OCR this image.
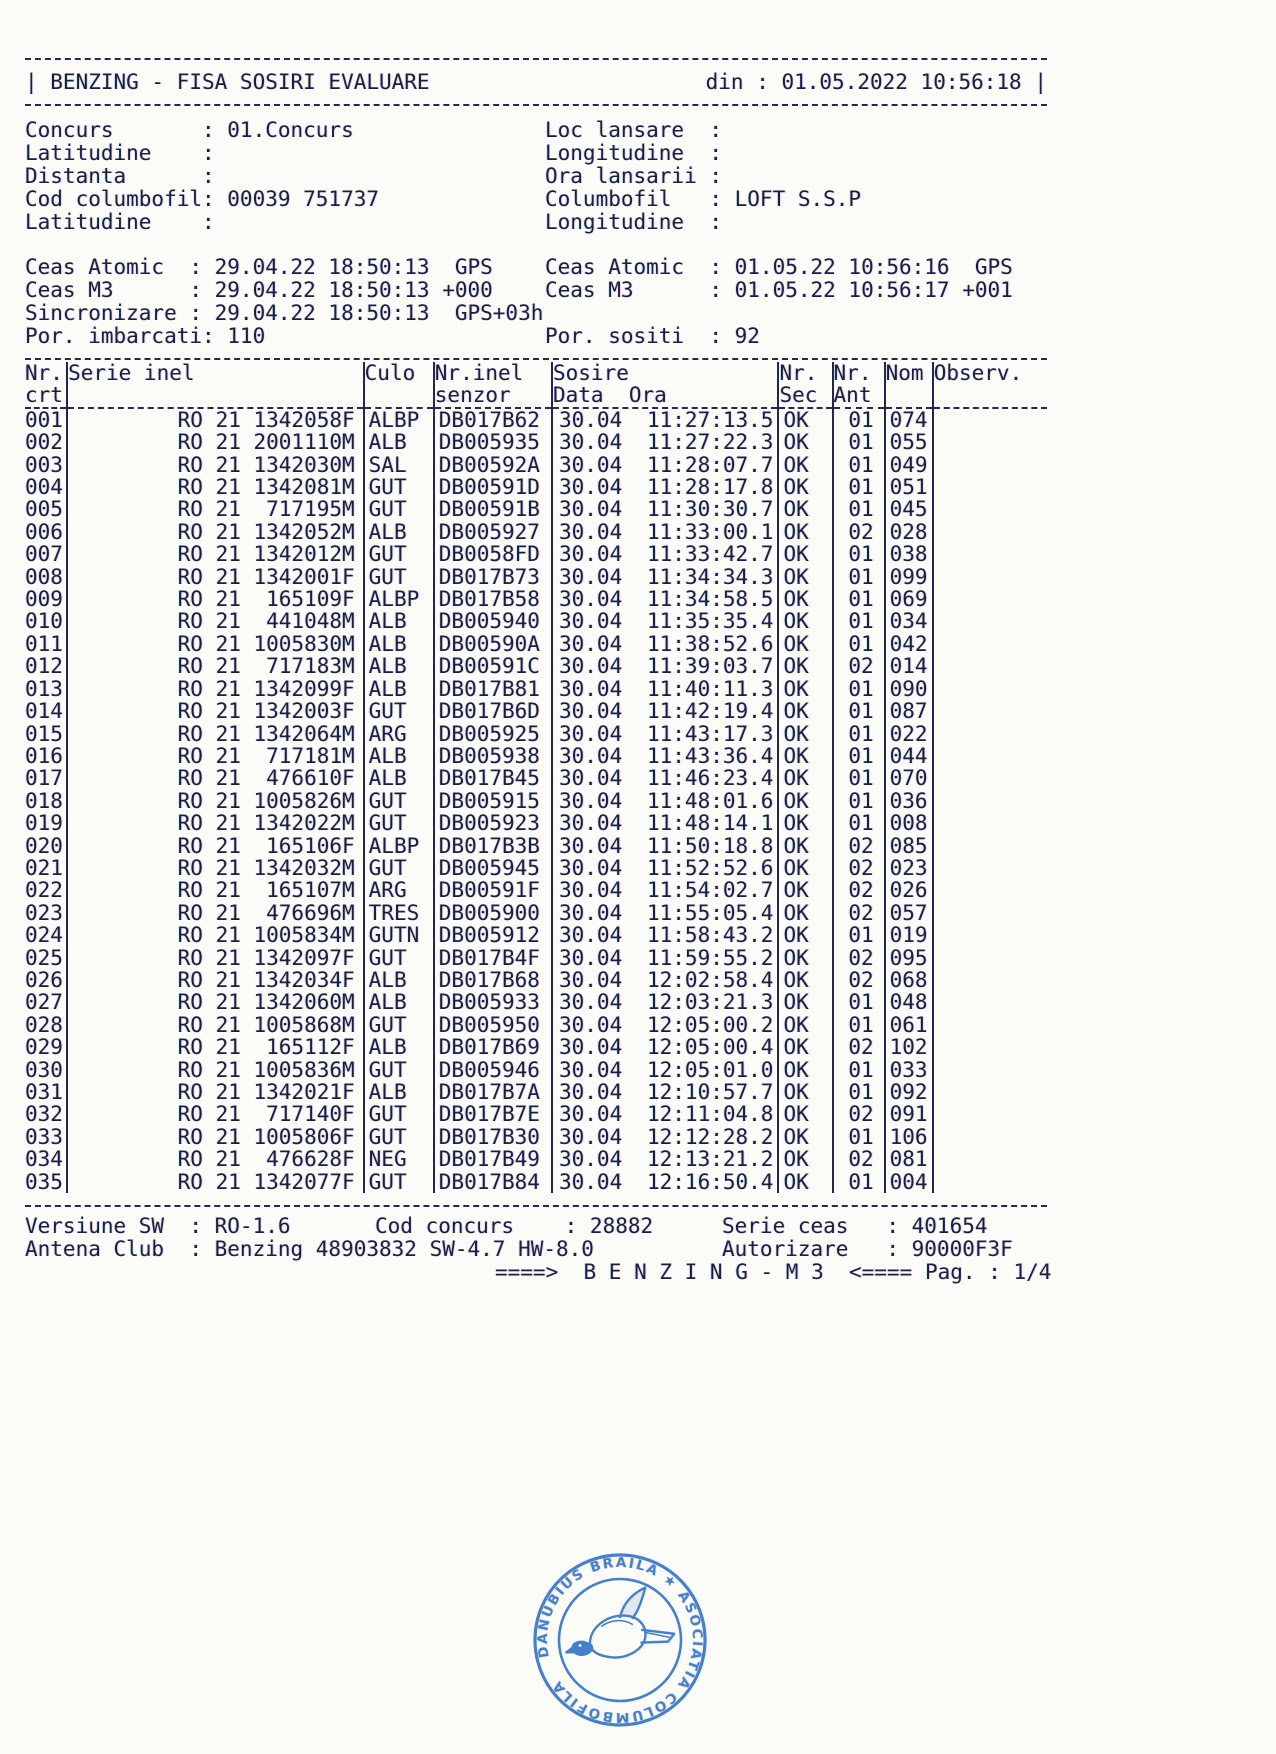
| BENZING - FISA SOSIRI EVALUARE	din : 01.05.2022 10:56:18 |
Concurs       : 01.Concurs
Latitudine    :
Distanta      :
Cod columbofil: 00039 751737
Latitudine    :
Loc lansare  :
Longitudine  :
Ora lansarii :
Columbofil   : LOFT S.S.P
Longitudine  :
Ceas Atomic  : 29.04.22 18:50:13  GPS
Ceas M3      : 29.04.22 18:50:13 +000
Sincronizare : 29.04.22 18:50:13  GPS+03h
Por. imbarcati: 110
Ceas Atomic  : 01.05.22 10:56:16  GPS
Ceas M3      : 01.05.22 10:56:17 +001

Por. sositi  : 92
Nr.	Serie inel	Culo	Nr.inel	Sosire	Nr.	Nr.	Nom	Observ.
crt			senzor	Data  Ora	Sec	Ant		
001	RO 21 1342058F	ALBP	DB017B62	30.04 11:27:13.5	OK	01	074	
002	RO 21 2001110M	ALB	DB005935	30.04 11:27:22.3	OK	01	055	
003	RO 21 1342030M	SAL	DB00592A	30.04 11:28:07.7	OK	01	049	
004	RO 21 1342081M	GUT	DB00591D	30.04 11:28:17.8	OK	01	051	
005	RO 21  717195M	GUT	DB00591B	30.04 11:30:30.7	OK	01	045	
006	RO 21 1342052M	ALB	DB005927	30.04 11:33:00.1	OK	02	028	
007	RO 21 1342012M	GUT	DB0058FD	30.04 11:33:42.7	OK	01	038	
008	RO 21 1342001F	GUT	DB017B73	30.04 11:34:34.3	OK	01	099	
009	RO 21  165109F	ALBP	DB017B58	30.04 11:34:58.5	OK	01	069	
010	RO 21  441048M	ALB	DB005940	30.04 11:35:35.4	OK	01	034	
011	RO 21 1005830M	ALB	DB00590A	30.04 11:38:52.6	OK	01	042	
012	RO 21  717183M	ALB	DB00591C	30.04 11:39:03.7	OK	02	014	
013	RO 21 1342099F	ALB	DB017B81	30.04 11:40:11.3	OK	01	090	
014	RO 21 1342003F	GUT	DB017B6D	30.04 11:42:19.4	OK	01	087	
015	RO 21 1342064M	ARG	DB005925	30.04 11:43:17.3	OK	01	022	
016	RO 21  717181M	ALB	DB005938	30.04 11:43:36.4	OK	01	044	
017	RO 21  476610F	ALB	DB017B45	30.04 11:46:23.4	OK	01	070	
018	RO 21 1005826M	GUT	DB005915	30.04 11:48:01.6	OK	01	036	
019	RO 21 1342022M	GUT	DB005923	30.04 11:48:14.1	OK	01	008	
020	RO 21  165106F	ALBP	DB017B3B	30.04 11:50:18.8	OK	02	085	
021	RO 21 1342032M	GUT	DB005945	30.04 11:52:52.6	OK	02	023	
022	RO 21  165107M	ARG	DB00591F	30.04 11:54:02.7	OK	02	026	
023	RO 21  476696M	TRES	DB005900	30.04 11:55:05.4	OK	02	057	
024	RO 21 1005834M	GUTN	DB005912	30.04 11:58:43.2	OK	01	019	
025	RO 21 1342097F	GUT	DB017B4F	30.04 11:59:55.2	OK	02	095	
026	RO 21 1342034F	ALB	DB017B68	30.04 12:02:58.4	OK	02	068	
027	RO 21 1342060M	ALB	DB005933	30.04 12:03:21.3	OK	01	048	
028	RO 21 1005868M	GUT	DB005950	30.04 12:05:00.2	OK	01	061	
029	RO 21  165112F	ALB	DB017B69	30.04 12:05:00.4	OK	02	102	
030	RO 21 1005836M	GUT	DB005946	30.04 12:05:01.0	OK	01	033	
031	RO 21 1342021F	ALB	DB017B7A	30.04 12:10:57.7	OK	01	092	
032	RO 21  717140F	GUT	DB017B7E	30.04 12:11:04.8	OK	02	091	
033	RO 21 1005806F	GUT	DB017B30	30.04 12:12:28.2	OK	01	106	
034	RO 21  476628F	NEG	DB017B49	30.04 12:13:21.2	OK	02	081	
035	RO 21 1342077F	GUT	DB017B84	30.04 12:16:50.4	OK	01	004	
Versiune SW  : RO-1.6	Cod concurs    : 28882	Serie ceas   : 401654
Antena Club  : Benzing 48903832 SW-4.7 HW-8.0	Autorizare   : 90000F3F
====>  B E N Z I N G - M 3  <==== Pag. : 1/4
DANUBIUS BRAILA ★ ASOCIATIA COLUMBOFILA
